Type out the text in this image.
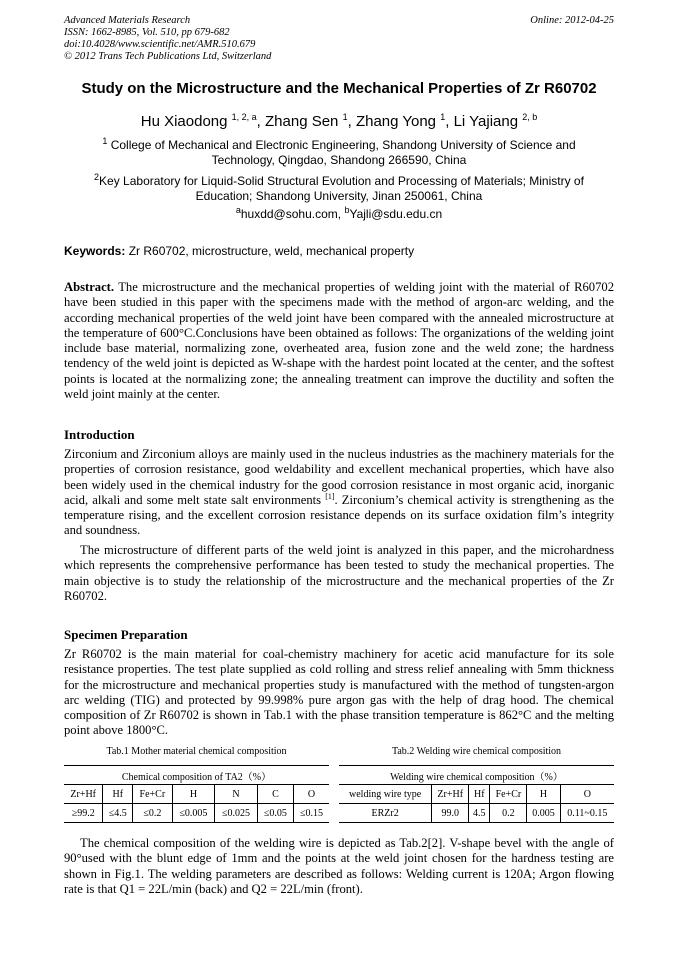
Advanced Materials Research
ISSN: 1662-8985, Vol. 510, pp 679-682
doi:10.4028/www.scientific.net/AMR.510.679
© 2012 Trans Tech Publications Ltd, Switzerland
Online: 2012-04-25
Study on the Microstructure and the Mechanical Properties of Zr R60702
Hu Xiaodong $^{1, 2, a}$, Zhang Sen $^1$, Zhang Yong $^1$, Li Yajiang $^{2, b}$
$^1$ College of Mechanical and Electronic Engineering, Shandong University of Science and Technology, Qingdao, Shandong 266590, China
$^2$Key Laboratory for Liquid-Solid Structural Evolution and Processing of Materials; Ministry of Education; Shandong University, Jinan 250061, China
$^a$huxdd@sohu.com, $^b$Yajli@sdu.edu.cn
Keywords: Zr R60702, microstructure, weld, mechanical property
Abstract. The microstructure and the mechanical properties of welding joint with the material of R60702 have been studied in this paper with the specimens made with the method of argon-arc welding, and the according mechanical properties of the weld joint have been compared with the annealed microstructure at the temperature of 600°C.Conclusions have been obtained as follows: The organizations of the welding joint include base material, normalizing zone, overheated area, fusion zone and the weld zone; the hardness tendency of the weld joint is depicted as W-shape with the hardest point located at the center, and the softest points is located at the normalizing zone; the annealing treatment can improve the ductility and soften the weld joint mainly at the center.
Introduction
Zirconium and Zirconium alloys are mainly used in the nucleus industries as the machinery materials for the properties of corrosion resistance, good weldability and excellent mechanical properties, which have also been widely used in the chemical industry for the good corrosion resistance in most organic acid, inorganic acid, alkali and some melt state salt environments [1]. Zirconium’s chemical activity is strengthening as the temperature rising, and the excellent corrosion resistance depends on its surface oxidation film’s integrity and soundness.
The microstructure of different parts of the weld joint is analyzed in this paper, and the microhardness which represents the comprehensive performance has been tested to study the mechanical properties. The main objective is to study the relationship of the microstructure and the mechanical properties of the Zr R60702.
Specimen Preparation
Zr R60702 is the main material for coal-chemistry machinery for acetic acid manufacture for its sole resistance properties. The test plate supplied as cold rolling and stress relief annealing with 5mm thickness for the microstructure and mechanical properties study is manufactured with the method of tungsten-argon arc welding (TIG) and protected by 99.998% pure argon gas with the help of drag hood. The chemical composition of Zr R60702 is shown in Tab.1 with the phase transition temperature is 862°C and the melting point above 1800°C.
Tab.1 Mother material chemical composition
Chemical composition of TA2（%）						
Zr+Hf	Hf	Fe+Cr	H	N	C	O
≥99.2	≤4.5	≤0.2	≤0.005	≤0.025	≤0.05	≤0.15
Tab.2 Welding wire chemical composition
Welding wire chemical composition（%）					
welding wire type	Zr+Hf	Hf	Fe+Cr	H	O
ERZr2	99.0	4.5	0.2	0.005	0.11~0.15
The chemical composition of the welding wire is depicted as Tab.2[2]. V-shape bevel with the angle of 90°used with the blunt edge of 1mm and the points at the weld joint chosen for the hardness testing are shown in Fig.1. The welding parameters are described as follows: Welding current is 120A; Argon flowing rate is that Q1 = 22L/min (back) and Q2 = 22L/min (front).
